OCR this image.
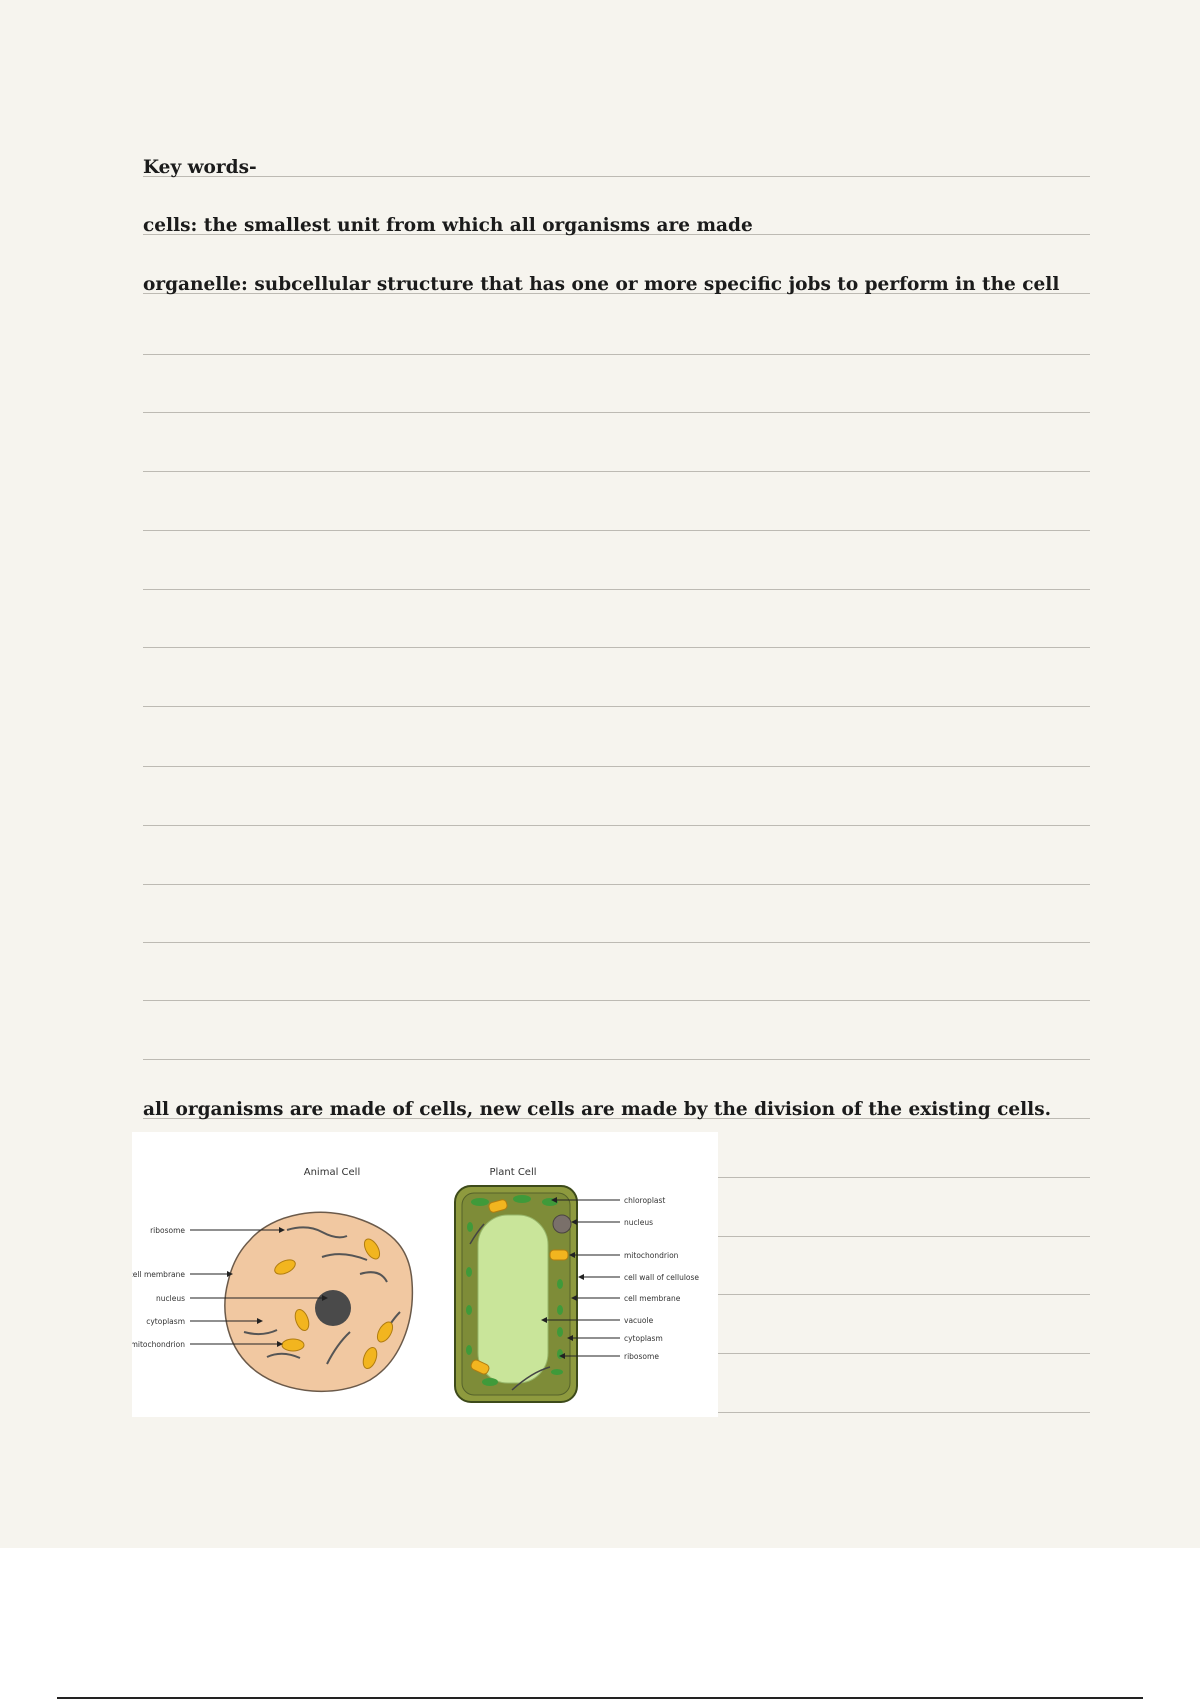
Key words-
cells: the smallest unit from which all organisms are made
organelle: subcellular structure that has one or more specific jobs to perform in the cell
all organisms are made of cells, new cells are made by the division of the existing cells.
Animal Cell	Plant Cell
ribosome
cell membrane
nucleus
cytoplasm
mitochondrion
chloroplast
nucleus
mitochondrion
cell wall of cellulose
cell membrane
vacuole
cytoplasm
ribosome
